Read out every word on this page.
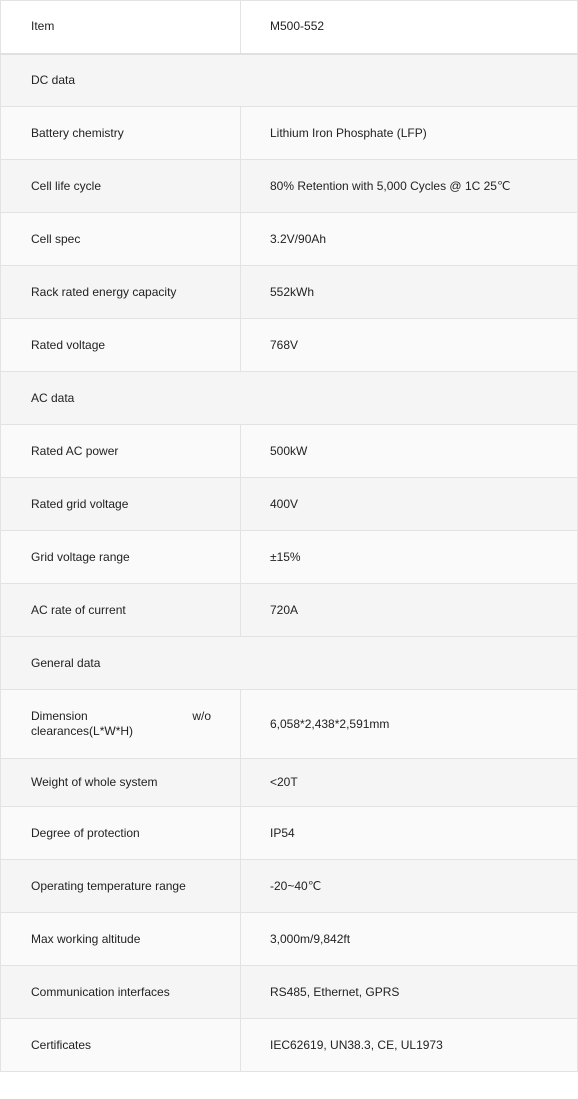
Item	M500-552
DC data	
Battery chemistry	Lithium Iron Phosphate (LFP)
Cell life cycle	80% Retention with 5,000 Cycles @ 1C 25℃
Cell spec	3.2V/90Ah
Rack rated energy capacity	552kWh
Rated voltage	768V
AC data	
Rated AC power	500kW
Rated grid voltage	400V
Grid voltage range	±15%
AC rate of current	720A
General data	

Dimension w/o
clearances(L*W*H)	6,058*2,438*2,591mm
Weight of whole system	<20T
Degree of protection	IP54
Operating temperature range	-20~40℃
Max working altitude	3,000m/9,842ft
Communication interfaces	RS485, Ethernet, GPRS
Certificates	IEC62619, UN38.3, CE, UL1973
